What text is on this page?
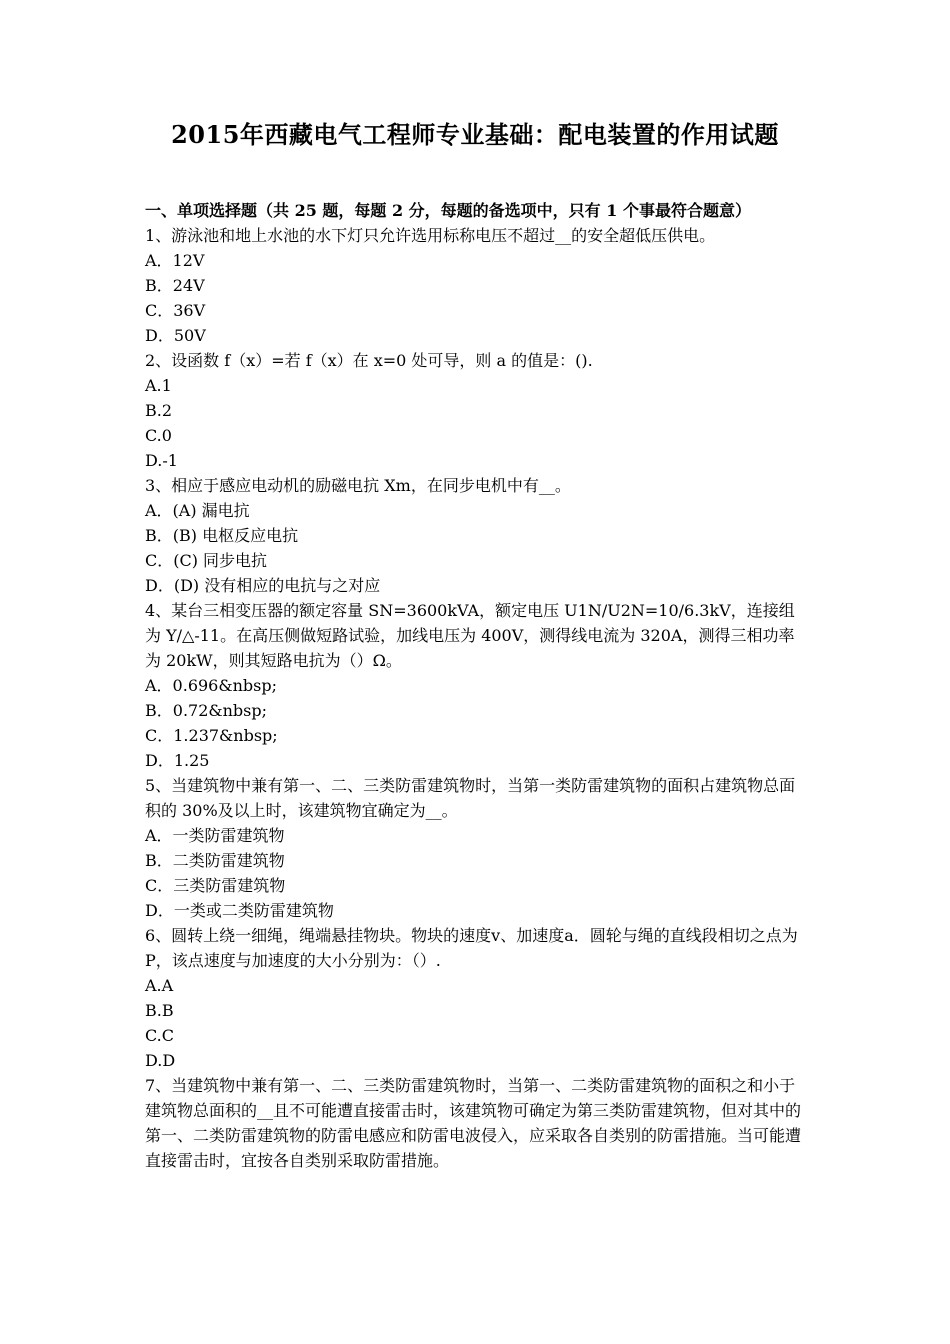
2015年西藏电气工程师专业基础：配电装置的作用试题

一、单项选择题（共 25 题，每题 2 分，每题的备选项中，只有 1 个事最符合题意）

1、游泳池和地上水池的水下灯只允许选用标称电压不超过__的安全超低压供电。

A．12V

B．24V

C．36V

D．50V

2、设函数 f（x）=若 f（x）在 x=0 处可导，则 a 的值是：().

A.1

B.2

C.0

D.-1

3、相应于感应电动机的励磁电抗 Xm，在同步电机中有__。

A．(A) 漏电抗

B．(B) 电枢反应电抗

C．(C) 同步电抗

D．(D) 没有相应的电抗与之对应

4、某台三相变压器的额定容量 SN=3600kVA，额定电压 U1N/U2N=10/6.3kV，连接组为 Y/△-11。在高压侧做短路试验，加线电压为 400V，测得线电流为 320A，测得三相功率为 20kW，则其短路电抗为（）Ω。

A．0.696&nbsp;

B．0.72&nbsp;

C．1.237&nbsp;

D．1.25

5、当建筑物中兼有第一、二、三类防雷建筑物时，当第一类防雷建筑物的面积占建筑物总面积的 30%及以上时，该建筑物宜确定为__。

A．一类防雷建筑物

B．二类防雷建筑物

C．三类防雷建筑物

D．一类或二类防雷建筑物

6、圆转上绕一细绳，绳端悬挂物块。物块的速度v、加速度a．圆轮与绳的直线段相切之点为 P，该点速度与加速度的大小分别为：（）.

A.A

B.B

C.C

D.D

7、当建筑物中兼有第一、二、三类防雷建筑物时，当第一、二类防雷建筑物的面积之和小于建筑物总面积的__且不可能遭直接雷击时，该建筑物可确定为第三类防雷建筑物，但对其中的第一、二类防雷建筑物的防雷电感应和防雷电波侵入，应采取各自类别的防雷措施。当可能遭直接雷击时，宜按各自类别采取防雷措施。
